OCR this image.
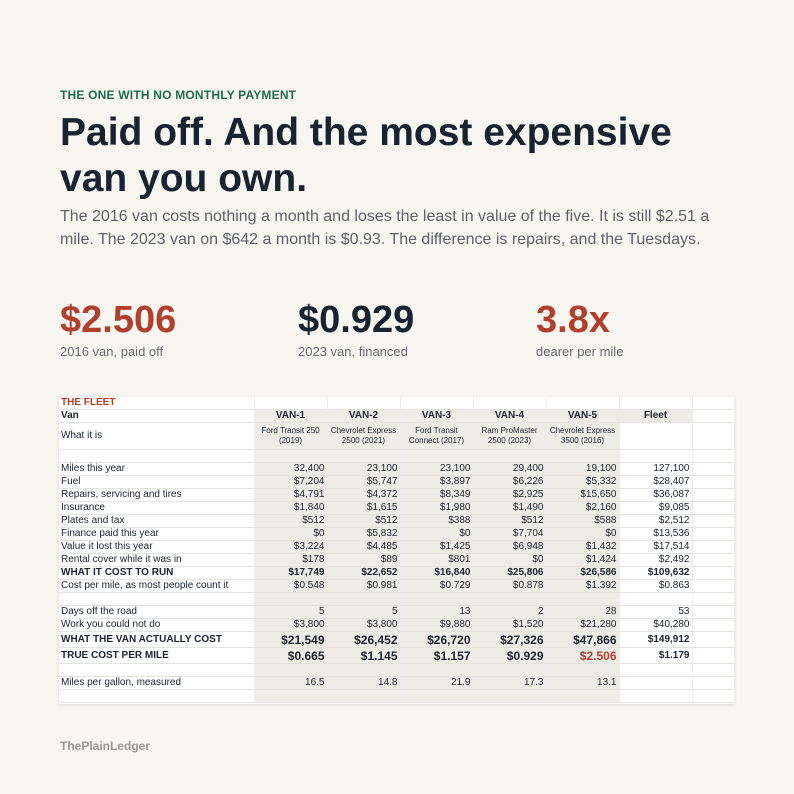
THE ONE WITH NO MONTHLY PAYMENT
Paid off. And the most expensive van you own.

The 2016 van costs nothing a month and loses the least in value of the five. It is still $2.51 a mile. The 2023 van on $642 a month is $0.93. The difference is repairs, and the Tuesdays.

$2.506
2016 van, paid off
$0.929
2023 van, financed
3.8x
dearer per mile
THE FLEET							
Van	VAN-1	VAN-2	VAN-3	VAN-4	VAN-5	Fleet	
What it is	Ford Transit 250 (2019)	Chevrolet Express 2500 (2021)	Ford Transit Connect (2017)	Ram ProMaster 2500 (2023)	Chevrolet Express 3500 (2016)		

Miles this year	32,400	23,100	23,100	29,400	19,100	127,100	
Fuel	$7,204	$5,747	$3,897	$6,226	$5,332	$28,407	
Repairs, servicing and tires	$4,791	$4,372	$8,349	$2,925	$15,650	$36,087	
Insurance	$1,840	$1,615	$1,980	$1,490	$2,160	$9,085	
Plates and tax	$512	$512	$388	$512	$588	$2,512	
Finance paid this year	$0	$5,832	$0	$7,704	$0	$13,536	
Value it lost this year	$3,224	$4,485	$1,425	$6,948	$1,432	$17,514	
Rental cover while it was in	$178	$89	$801	$0	$1,424	$2,492	
WHAT IT COST TO RUN	$17,749	$22,652	$16,840	$25,806	$26,586	$109,632	
Cost per mile, as most people count it	$0.548	$0.981	$0.729	$0.878	$1.392	$0.863	

Days off the road	5	5	13	2	28	53	
Work you could not do	$3,800	$3,800	$9,880	$1,520	$21,280	$40,280	
WHAT THE VAN ACTUALLY COST	$21,549	$26,452	$26,720	$27,326	$47,866	$149,912	
TRUE COST PER MILE	$0.665	$1.145	$1.157	$0.929	$2.506	$1.179	

Miles per gallon, measured	16.5	14.8	21.9	17.3	13.1		

ThePlainLedger
